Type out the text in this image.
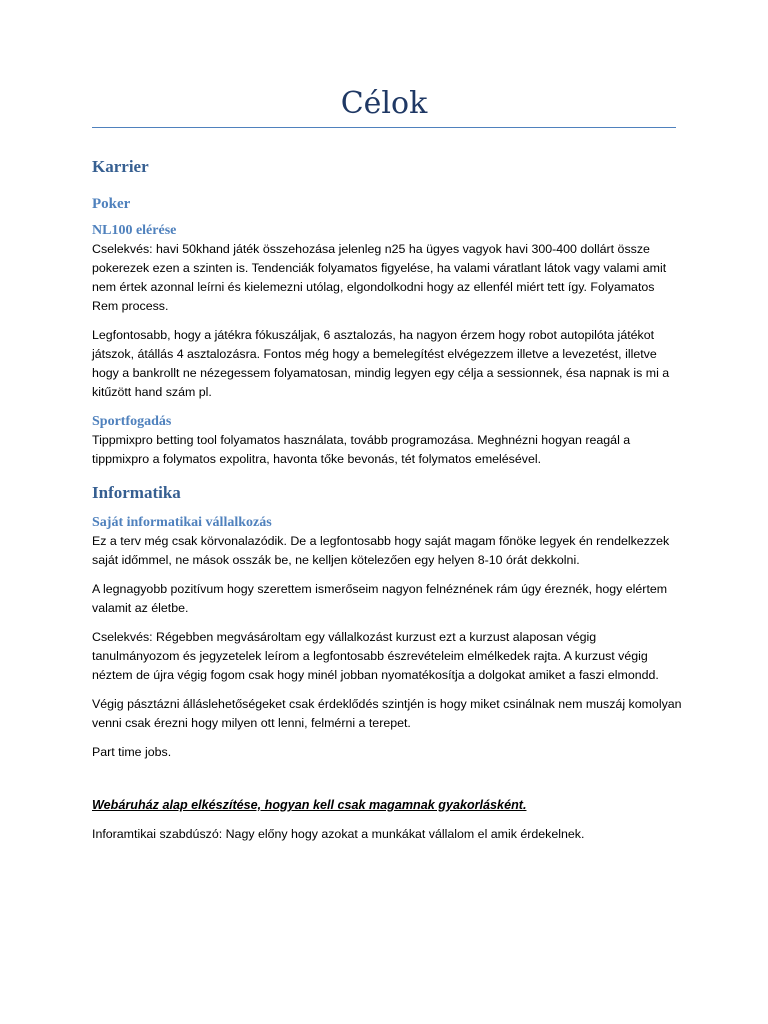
Célok
Karrier
Poker
NL100 elérése

Cselekvés: havi 50khand játék összehozása jelenleg n25 ha ügyes vagyok havi 300-400 dollárt össze pokerezek ezen a szinten is. Tendenciák folyamatos figyelése, ha valami váratlant látok vagy valami amit nem értek azonnal leírni és kielemezni utólag, elgondolkodni hogy az ellenfél miért tett így. Folyamatos Rem process.

Legfontosabb, hogy a játékra fókuszáljak, 6 asztalozás, ha nagyon érzem hogy robot autopilóta játékot játszok, átállás 4 asztalozásra. Fontos még hogy a bemelegítést elvégezzem illetve a levezetést, illetve hogy a bankrollt ne nézegessem folyamatosan, mindig legyen egy célja a sessionnek, ésa napnak is mi a kitűzött hand szám pl.

Sportfogadás

Tippmixpro betting tool folyamatos használata, tovább programozása. Meghnézni hogyan reagál a tippmixpro a folymatos expolitra, havonta tőke bevonás, tét folymatos emelésével.

Informatika
Saját informatikai vállalkozás

Ez a terv még csak körvonalazódik. De a legfontosabb hogy saját magam főnöke legyek én rendelkezzek saját időmmel, ne mások osszák be, ne kelljen kötelezően egy helyen 8-10 órát dekkolni.

A legnagyobb pozitívum hogy szerettem ismerőseim nagyon felnéznének rám úgy éreznék, hogy elértem valamit az életbe.

Cselekvés: Régebben megvásároltam egy vállalkozást kurzust ezt a kurzust alaposan végig tanulmányozom és jegyzetelek leírom a legfontosabb észrevételeim elmélkedek rajta. A kurzust végig néztem de újra végig fogom csak hogy minél jobban nyomatékosítja a dolgokat amiket a faszi elmondd.

Végig pásztázni álláslehetőségeket csak érdeklődés szintjén is hogy miket csinálnak nem muszáj komolyan venni csak érezni hogy milyen ott lenni, felmérni a terepet.

Part time jobs.

Webáruház alap elkészítése, hogyan kell csak magamnak gyakorlásként.

Inforamtikai szabdúszó: Nagy előny hogy azokat a munkákat vállalom el amik érdekelnek.
